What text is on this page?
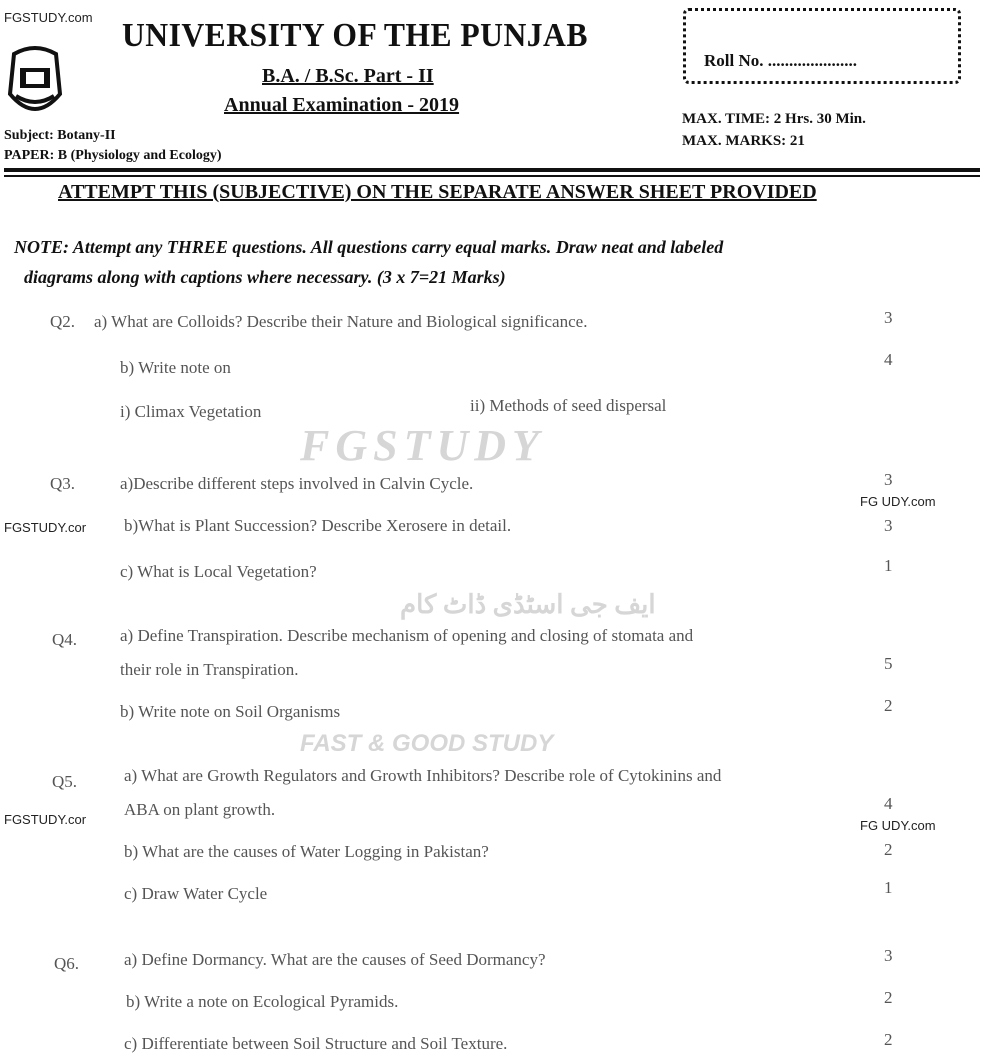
FGSTUDY
FAST & GOOD STUDY
ایف جی اسٹڈی ڈاٹ کام
FGSTUDY.com
FGSTUDY.cor
FG UDY.com
FGSTUDY.cor	FG UDY.com
UNIVERSITY OF THE PUNJAB
B.A. / B.Sc. Part - II
Annual Examination - 2019
Subject: Botany-II
PAPER: B (Physiology and Ecology)
Roll No. .....................
MAX. TIME: 2 Hrs. 30 Min.
MAX. MARKS: 21
ATTEMPT THIS (SUBJECTIVE) ON THE SEPARATE ANSWER SHEET PROVIDED
NOTE: Attempt any THREE questions. All questions carry equal marks. Draw neat and labeled
diagrams along with captions where necessary. (3 x 7=21 Marks)
Q2. a) What are Colloids? Describe their Nature and Biological significance.	3
b) Write note on	4
i) Climax Vegetation	ii) Methods of seed dispersal
Q3.	a)Describe different steps involved in Calvin Cycle.	3
b)What is Plant Succession? Describe Xerosere in detail.	3
c) What is Local Vegetation?	1
Q4.	a) Define Transpiration. Describe mechanism of opening and closing of stomata and
their role in Transpiration.	5
b) Write note on Soil Organisms	2
Q5.	a) What are Growth Regulators and Growth Inhibitors? Describe role of Cytokinins and
ABA on plant growth.	4
b) What are the causes of Water Logging in Pakistan?	2
c) Draw Water Cycle	1
Q6.	a) Define Dormancy. What are the causes of Seed Dormancy?	3
b) Write a note on Ecological Pyramids.	2
c) Differentiate between Soil Structure and Soil Texture.	2
